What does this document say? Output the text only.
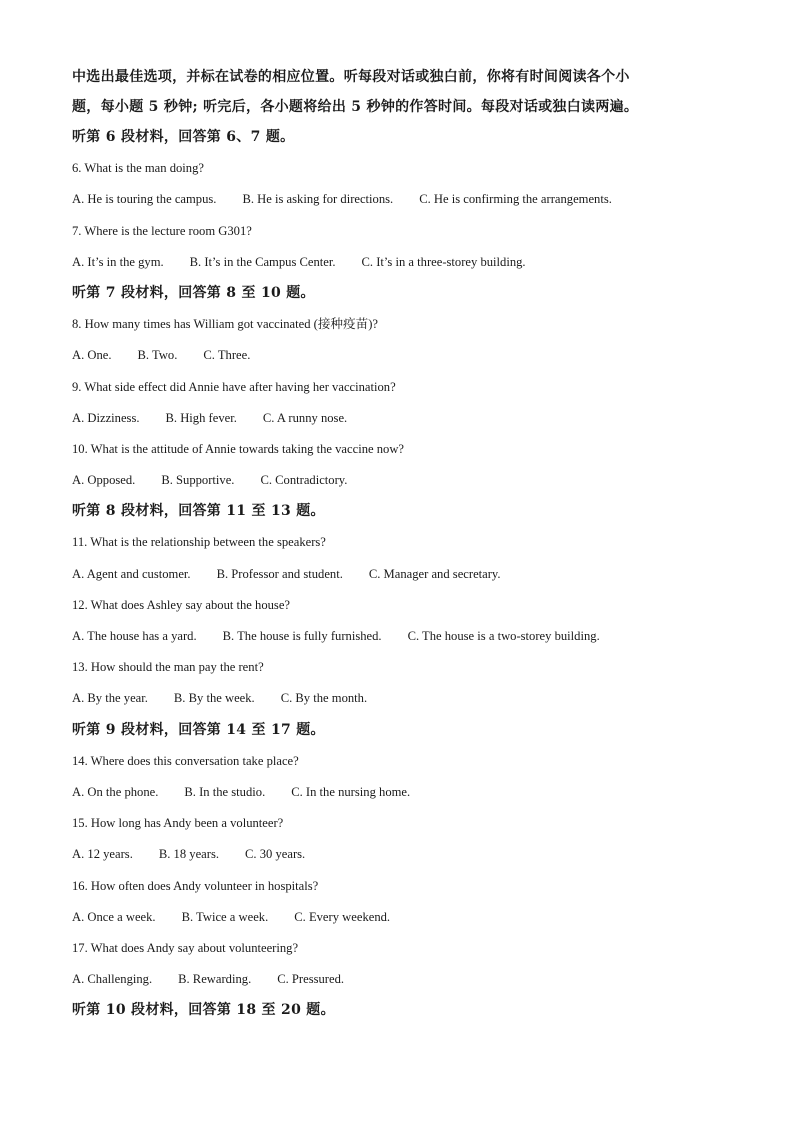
中选出最佳选项，并标在试卷的相应位置。听每段对话或独白前，你将有时间阅读各个小
题，每小题 5 秒钟; 听完后，各小题将给出 5 秒钟的作答时间。每段对话或独白读两遍。

听第 6 段材料，回答第 6、7 题。
6. What is the man doing?
A. He is touring the campus. B. He is asking for directions. C. He is confirming the arrangements.
7. Where is the lecture room G301?
A. It’s in the gym. B. It’s in the Campus Center. C. It’s in a three-storey building.
听第 7 段材料，回答第 8 至 10 题。
8. How many times has William got vaccinated (接种疫苗)?
A. One. B. Two. C. Three.
9. What side effect did Annie have after having her vaccination?
A. Dizziness. B. High fever. C. A runny nose.
10. What is the attitude of Annie towards taking the vaccine now?
A. Opposed. B. Supportive. C. Contradictory.
听第 8 段材料，回答第 11 至 13 题。
11. What is the relationship between the speakers?
A. Agent and customer. B. Professor and student. C. Manager and secretary.
12. What does Ashley say about the house?
A. The house has a yard. B. The house is fully furnished. C. The house is a two-storey building.
13. How should the man pay the rent?
A. By the year. B. By the week. C. By the month.
听第 9 段材料，回答第 14 至 17 题。
14. Where does this conversation take place?
A. On the phone. B. In the studio. C. In the nursing home.
15. How long has Andy been a volunteer?
A. 12 years. B. 18 years. C. 30 years.
16. How often does Andy volunteer in hospitals?
A. Once a week. B. Twice a week. C. Every weekend.
17. What does Andy say about volunteering?
A. Challenging. B. Rewarding. C. Pressured.
听第 10 段材料，回答第 18 至 20 题。
